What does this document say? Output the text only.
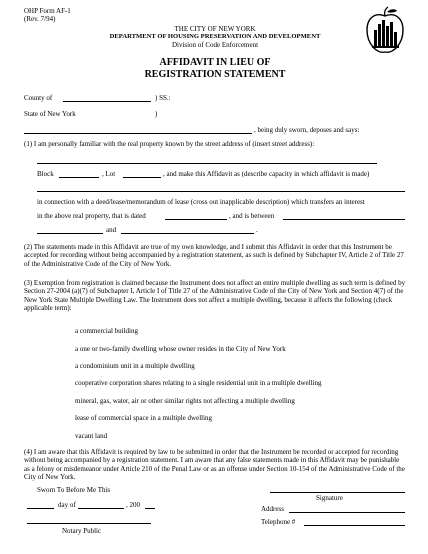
OHP Form AF-1
(Rev. 7/94)
THE CITY OF NEW YORK
DEPARTMENT OF HOUSING PRESERVATION AND DEVELOPMENT
Division of Code Enforcement
AFFIDAVIT IN LIEU OF
REGISTRATION STATEMENT
County of	) SS.:
State of New York	)
, being duly sworn, deposes and says:
(1) I am personally familiar with the real property known by the street address of (insert street address):
Block	, Lot	, and make this Affidavit as (describe capacity in which affidavit is made)
in connection with a deed/lease/memorandum of lease (cross out inapplicable description) which transfers an interest
in the above real property, that is dated	, and is between
and	.
(2) The statements made in this Affidavit are true of my own knowledge, and I submit this Affidavit in order that this Instrument be accepted for recording without being accompanied by a registration statement, as such is defined by Subchapter IV, Article 2 of Title 27 of the Administrative Code of the City of New York.
(3) Exemption from registration is claimed because the Instrument does not affect an entire multiple dwelling as such term is defined by Section 27-2004 (a)(7) of Subchapter I, Article I of Title 27 of the Administrative Code of the City of New York and Section 4(7) of the New York State Multiple Dwelling Law. The Instrument does not affect a multiple dwelling, because it affects the following (check applicable term):
a commercial building
a one or two-family dwelling whose owner resides in the City of New York
a condominium unit in a multiple dwelling
cooperative corporation shares relating to a single residential unit in a multiple dwelling
mineral, gas, water, air or other similar rights not affecting a multiple dwelling
lease of commercial space in a multiple dwelling
vacant land
(4) I am aware that this Affidavit is required by law to be submitted in order that the Instrument be recorded or accepted for recording without being accompanied by a registration statement. I am aware that any false statements made in this Affidavit may be punishable as a felony or misdemeanor under Article 210 of the Penal Law or as an offense under Section 10-154 of the Administrative Code of the City of New York.
Sworn To Before Me This
day of	, 200
Notary Public
Signature
Address
Telephone #
